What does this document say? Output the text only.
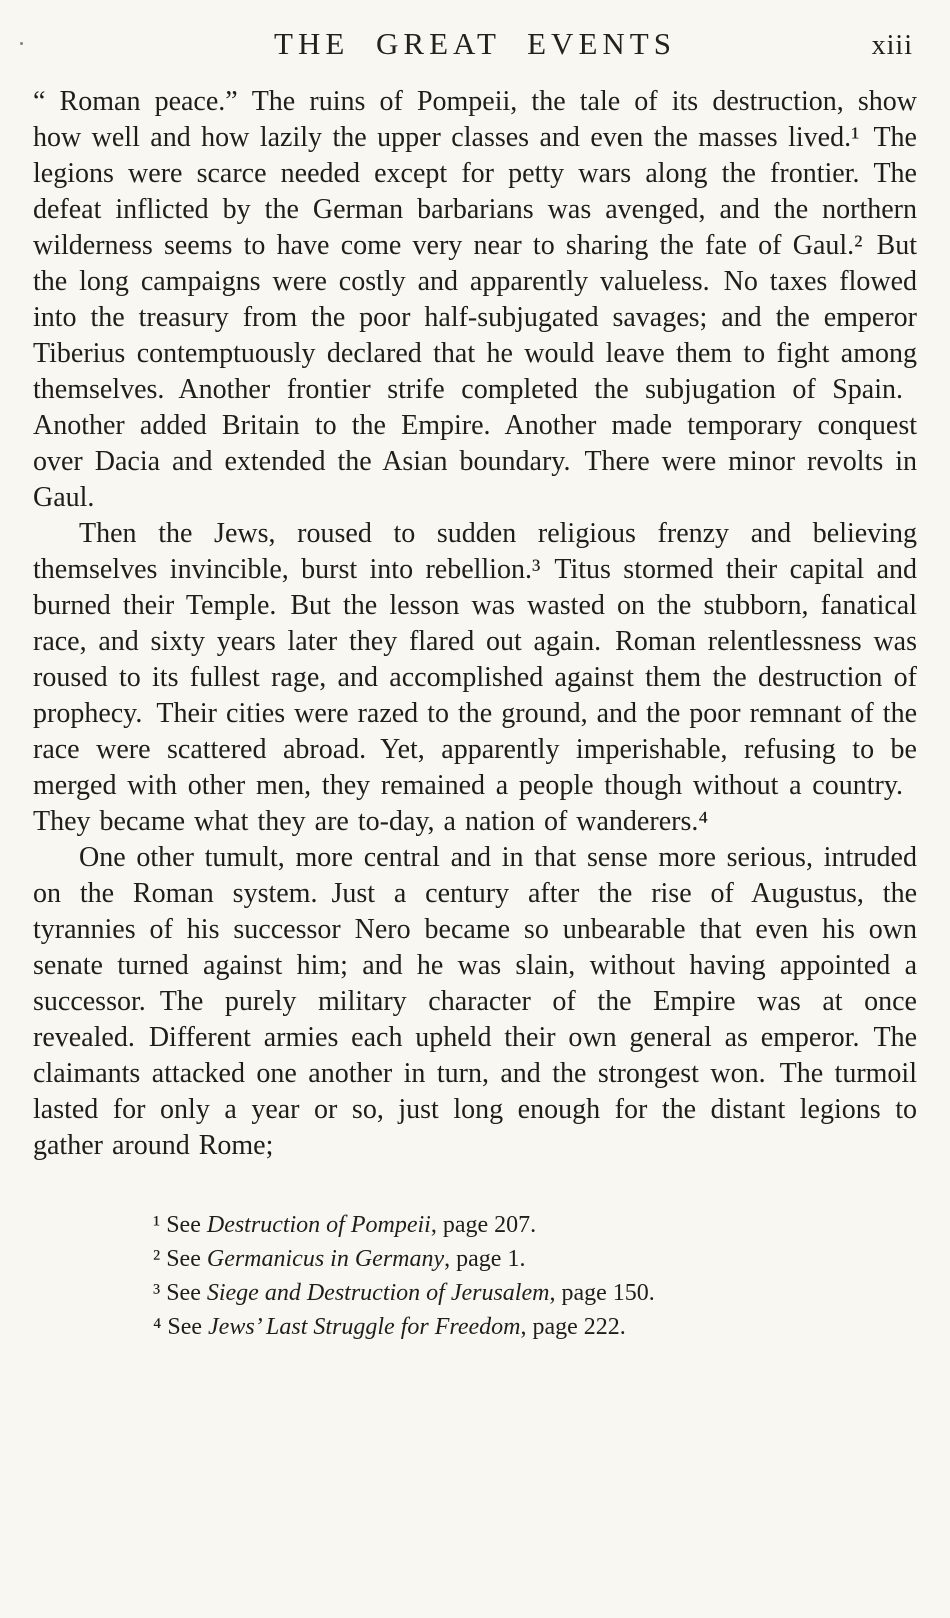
THE GREAT EVENTS	xiii

“ Roman peace.” The ruins of Pompeii, the tale of its destruction, show how well and how lazily the upper classes and even the masses lived.¹ The legions were scarce needed except for petty wars along the frontier. The defeat inflicted by the German barbarians was avenged, and the northern wilderness seems to have come very near to sharing the fate of Gaul.² But the long campaigns were costly and apparently valueless. No taxes flowed into the treasury from the poor half-subjugated savages; and the emperor Tiberius contemptuously declared that he would leave them to fight among themselves. Another frontier strife completed the subjugation of Spain. Another added Britain to the Empire. Another made temporary conquest over Dacia and extended the Asian boundary. There were minor revolts in Gaul.

Then the Jews, roused to sudden religious frenzy and believing themselves invincible, burst into rebellion.³ Titus stormed their capital and burned their Temple. But the lesson was wasted on the stubborn, fanatical race, and sixty years later they flared out again. Roman relentlessness was roused to its fullest rage, and accomplished against them the destruction of prophecy. Their cities were razed to the ground, and the poor remnant of the race were scattered abroad. Yet, apparently imperishable, refusing to be merged with other men, they remained a people though without a country. They became what they are to-day, a nation of wanderers.⁴

One other tumult, more central and in that sense more serious, intruded on the Roman system. Just a century after the rise of Augustus, the tyrannies of his successor Nero became so unbearable that even his own senate turned against him; and he was slain, without having appointed a successor. The purely military character of the Empire was at once revealed. Different armies each upheld their own general as emperor. The claimants attacked one another in turn, and the strongest won. The turmoil lasted for only a year or so, just long enough for the distant legions to gather around Rome;

¹ See Destruction of Pompeii, page 207.
² See Germanicus in Germany, page 1.
³ See Siege and Destruction of Jerusalem, page 150.
⁴ See Jews’ Last Struggle for Freedom, page 222.
